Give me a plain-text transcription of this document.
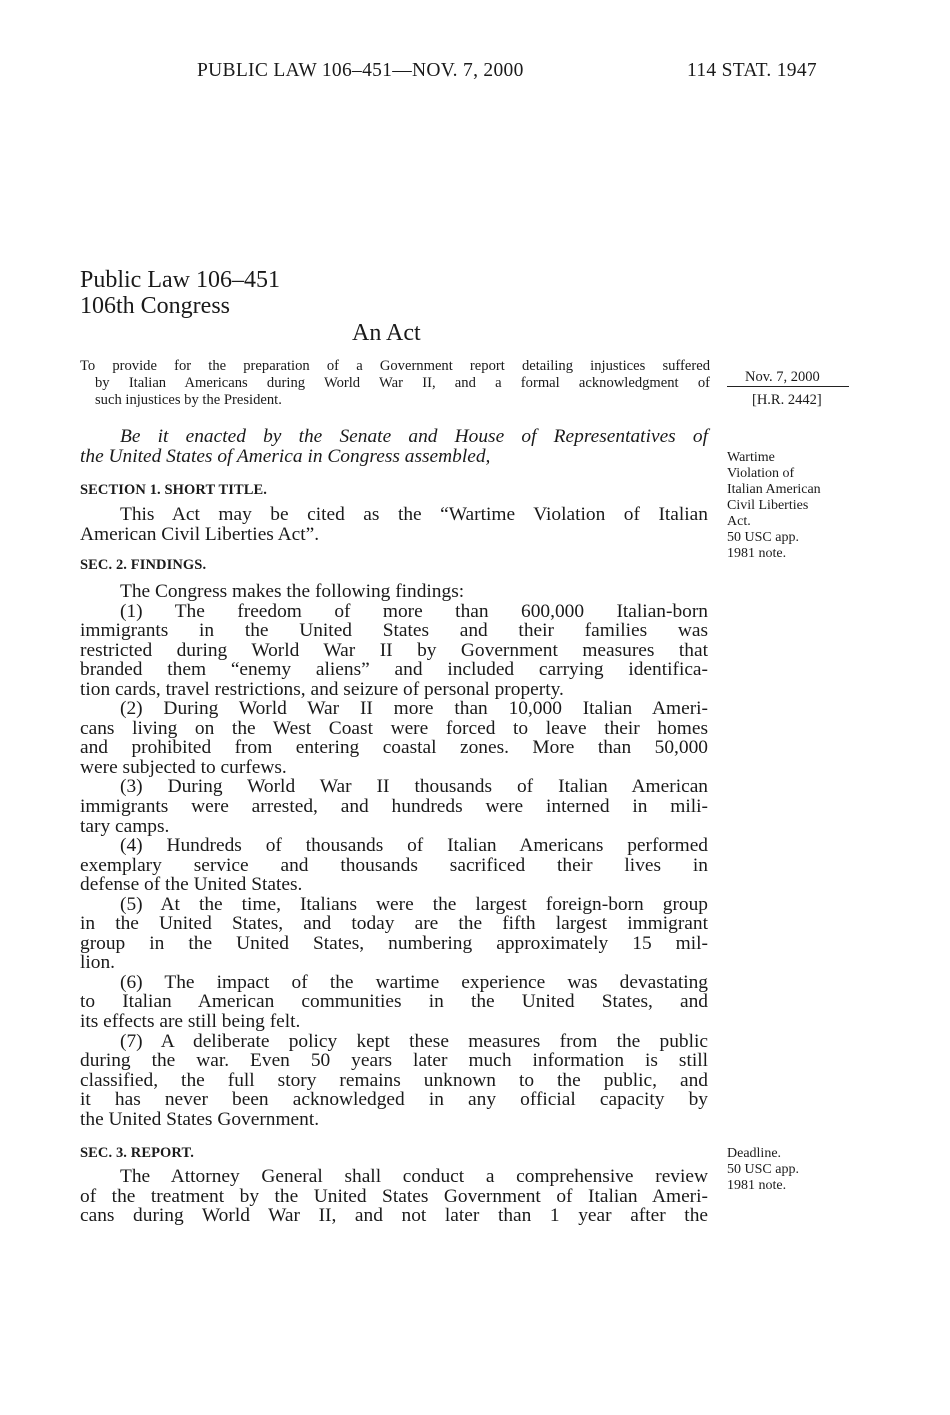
PUBLIC LAW 106–451—NOV. 7, 2000	114 STAT. 1947
Public Law 106–451
106th Congress
An Act
To provide for the preparation of a Government report detailing injustices suffered
by Italian Americans during World War II, and a formal acknowledgment of
such injustices by the President.
Nov. 7, 2000
[H.R. 2442]
Be it enacted by the Senate and House of Representatives of
the United States of America in Congress assembled,	Wartime
Violation of
Italian American
Civil Liberties
Act.
50 USC app.
1981 note.
SECTION 1. SHORT TITLE.
This Act may be cited as the “Wartime Violation of Italian
American Civil Liberties Act”.
SEC. 2. FINDINGS.
The Congress makes the following findings:
(1) The freedom of more than 600,000 Italian-born
immigrants in the United States and their families was
restricted during World War II by Government measures that
branded them “enemy aliens” and included carrying identifica-
tion cards, travel restrictions, and seizure of personal property.
(2) During World War II more than 10,000 Italian Ameri-
cans living on the West Coast were forced to leave their homes
and prohibited from entering coastal zones. More than 50,000
were subjected to curfews.
(3) During World War II thousands of Italian American
immigrants were arrested, and hundreds were interned in mili-
tary camps.
(4) Hundreds of thousands of Italian Americans performed
exemplary service and thousands sacrificed their lives in
defense of the United States.
(5) At the time, Italians were the largest foreign-born group
in the United States, and today are the fifth largest immigrant
group in the United States, numbering approximately 15 mil-
lion.
(6) The impact of the wartime experience was devastating
to Italian American communities in the United States, and
its effects are still being felt.
(7) A deliberate policy kept these measures from the public
during the war. Even 50 years later much information is still
classified, the full story remains unknown to the public, and
it has never been acknowledged in any official capacity by
the United States Government.
SEC. 3. REPORT.	Deadline.
50 USC app.
1981 note.
The Attorney General shall conduct a comprehensive review
of the treatment by the United States Government of Italian Ameri-
cans during World War II, and not later than 1 year after the
